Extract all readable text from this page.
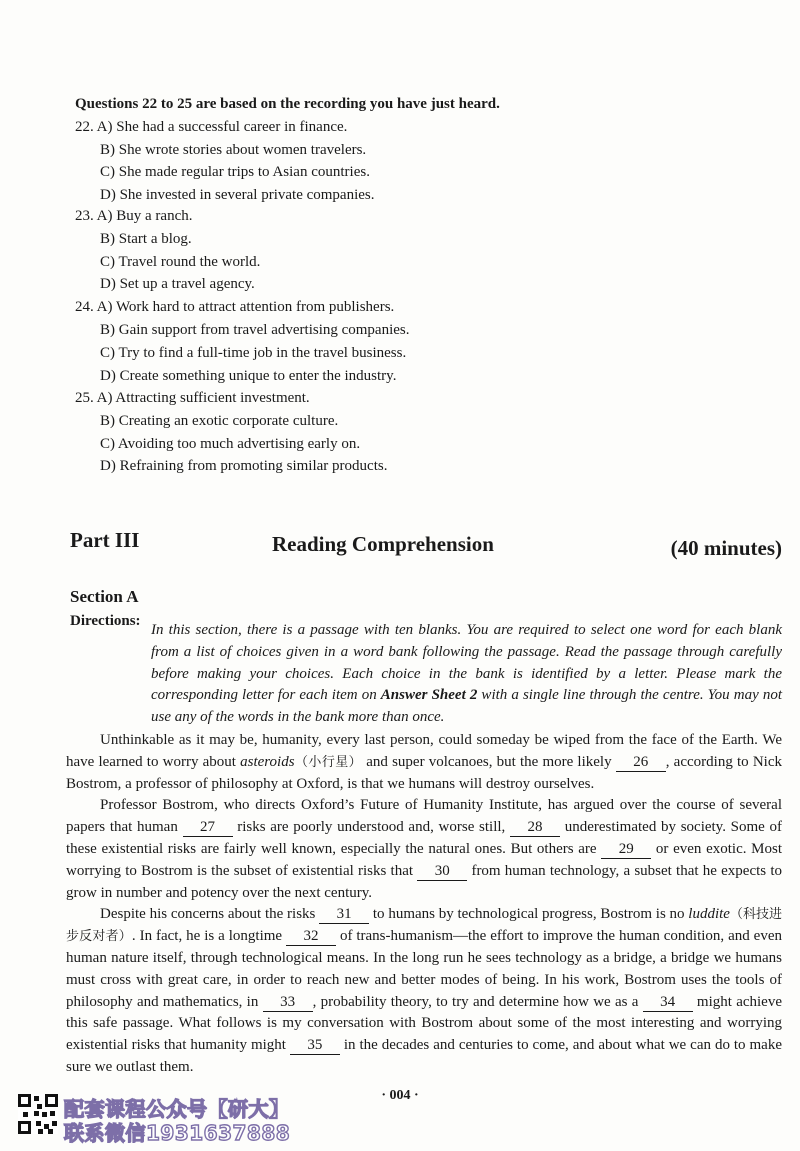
Questions 22 to 25 are based on the recording you have just heard.
22. A) She had a successful career in finance.
B) She wrote stories about women travelers.
C) She made regular trips to Asian countries.
D) She invested in several private companies.
23. A) Buy a ranch.
B) Start a blog.
C) Travel round the world.
D) Set up a travel agency.
24. A) Work hard to attract attention from publishers.
B) Gain support from travel advertising companies.
C) Try to find a full-time job in the travel business.
D) Create something unique to enter the industry.
25. A) Attracting sufficient investment.
B) Creating an exotic corporate culture.
C) Avoiding too much advertising early on.
D) Refraining from promoting similar products.
Part III	Reading Comprehension	(40 minutes)
Section A
Directions:
In this section, there is a passage with ten blanks. You are required to select one word for each blank from a list of choices given in a word bank following the passage. Read the passage through carefully before making your choices. Each choice in the bank is identified by a letter. Please mark the corresponding letter for each item on Answer Sheet 2 with a single line through the centre. You may not use any of the words in the bank more than once.

Unthinkable as it may be, humanity, every last person, could someday be wiped from the face of the Earth. We have learned to worry about asteroids（小行星） and super volcanoes, but the more likely 26 , according to Nick Bostrom, a professor of philosophy at Oxford, is that we humans will destroy ourselves.

Professor Bostrom, who directs Oxford’s Future of Humanity Institute, has argued over the course of several papers that human 27 risks are poorly understood and, worse still, 28 underestimated by society. Some of these existential risks are fairly well known, especially the natural ones. But others are 29 or even exotic. Most worrying to Bostrom is the subset of existential risks that 30 from human technology, a subset that he expects to grow in number and potency over the next century.

Despite his concerns about the risks 31 to humans by technological progress, Bostrom is no luddite（科技进步反对者）. In fact, he is a longtime 32 of trans-humanism—the effort to improve the human condition, and even human nature itself, through technological means. In the long run he sees technology as a bridge, a bridge we humans must cross with great care, in order to reach new and better modes of being. In his work, Bostrom uses the tools of philosophy and mathematics, in 33 , probability theory, to try and determine how we as a 34 might achieve this safe passage. What follows is my conversation with Bostrom about some of the most interesting and worrying existential risks that humanity might 35 in the decades and centuries to come, and about what we can do to make sure we outlast them.

· 004 ·
配套课程公众号【研大】
联系微信1931637888
